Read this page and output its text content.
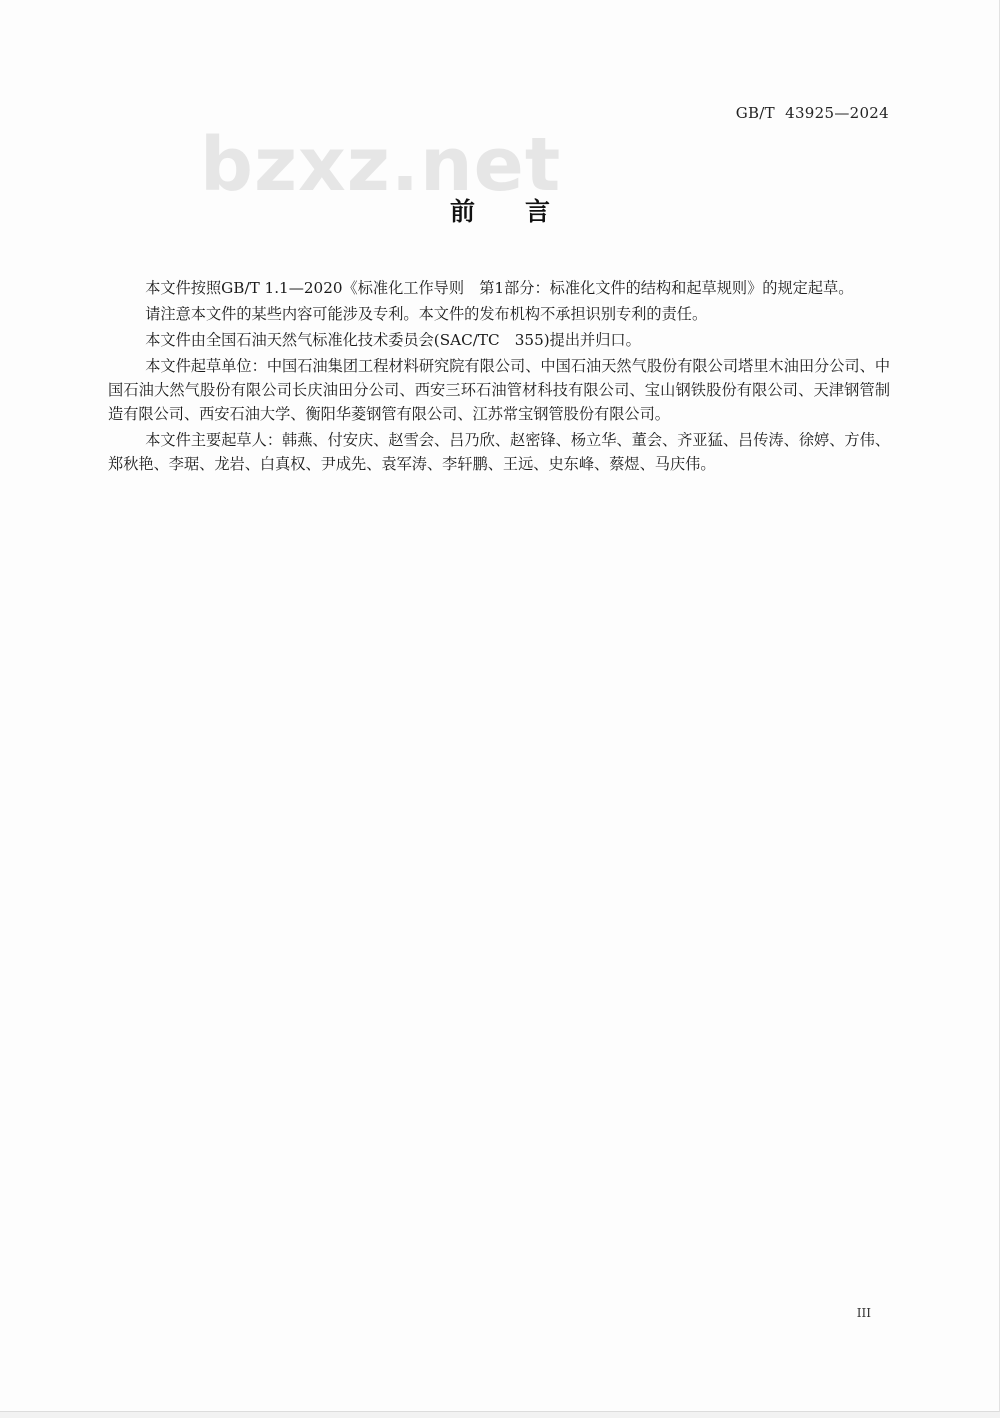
GB/T  43925—2024
bzxz.net
前言

本文件按照GB/T 1.1—2020《标准化工作导则　第1部分：标准化文件的结构和起草规则》的规定起草。

请注意本文件的某些内容可能涉及专利。本文件的发布机构不承担识别专利的责任。

本文件由全国石油天然气标准化技术委员会(SAC/TC　355)提出并归口。

本文件起草单位：中国石油集团工程材料研究院有限公司、中国石油天然气股份有限公司塔里木油田分公司、中国石油大然气股份有限公司长庆油田分公司、西安三环石油管材科技有限公司、宝山钢铁股份有限公司、天津钢管制造有限公司、西安石油大学、衡阳华菱钢管有限公司、江苏常宝钢管股份有限公司。

本文件主要起草人：韩燕、付安庆、赵雪会、吕乃欣、赵密锋、杨立华、董会、齐亚猛、吕传涛、徐婷、方伟、郑秋艳、李琚、龙岩、白真权、尹成先、袁军涛、李轩鹏、王远、史东峰、蔡煜、马庆伟。

III
